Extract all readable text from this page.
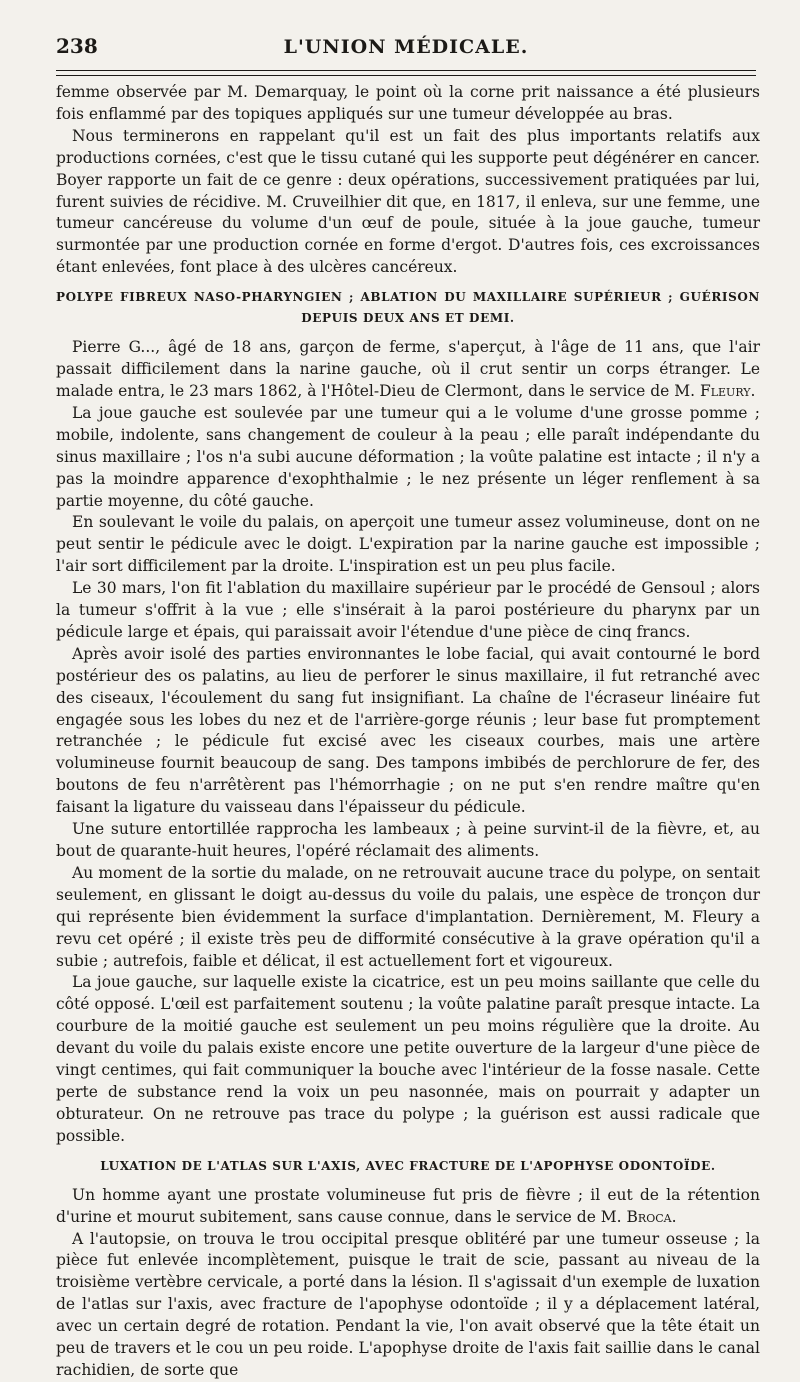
238	L'UNION MÉDICALE.

femme observée par M. Demarquay, le point où la corne prit naissance a été plusieurs fois enflammé par des topiques appliqués sur une tumeur développée au bras.

Nous terminerons en rappelant qu'il est un fait des plus importants relatifs aux productions cornées, c'est que le tissu cutané qui les supporte peut dégénérer en cancer. Boyer rapporte un fait de ce genre : deux opérations, successivement pratiquées par lui, furent suivies de récidive. M. Cruveilhier dit que, en 1817, il enleva, sur une femme, une tumeur cancéreuse du volume d'un œuf de poule, située à la joue gauche, tumeur surmontée par une production cornée en forme d'ergot. D'autres fois, ces excroissances étant enlevées, font place à des ulcères cancéreux.

POLYPE FIBREUX NASO-PHARYNGIEN ; ABLATION DU MAXILLAIRE SUPÉRIEUR ; GUÉRISON DEPUIS DEUX ANS ET DEMI.

Pierre G..., âgé de 18 ans, garçon de ferme, s'aperçut, à l'âge de 11 ans, que l'air passait difficilement dans la narine gauche, où il crut sentir un corps étranger. Le malade entra, le 23 mars 1862, à l'Hôtel-Dieu de Clermont, dans le service de M. Fleury.

La joue gauche est soulevée par une tumeur qui a le volume d'une grosse pomme ; mobile, indolente, sans changement de couleur à la peau ; elle paraît indépendante du sinus maxillaire ; l'os n'a subi aucune déformation ; la voûte palatine est intacte ; il n'y a pas la moindre apparence d'exophthalmie ; le nez présente un léger renflement à sa partie moyenne, du côté gauche.

En soulevant le voile du palais, on aperçoit une tumeur assez volumineuse, dont on ne peut sentir le pédicule avec le doigt. L'expiration par la narine gauche est impossible ; l'air sort difficilement par la droite. L'inspiration est un peu plus facile.

Le 30 mars, l'on fit l'ablation du maxillaire supérieur par le procédé de Gensoul ; alors la tumeur s'offrit à la vue ; elle s'insérait à la paroi postérieure du pharynx par un pédicule large et épais, qui paraissait avoir l'étendue d'une pièce de cinq francs.

Après avoir isolé des parties environnantes le lobe facial, qui avait contourné le bord postérieur des os palatins, au lieu de perforer le sinus maxillaire, il fut retranché avec des ciseaux, l'écoulement du sang fut insignifiant. La chaîne de l'écraseur linéaire fut engagée sous les lobes du nez et de l'arrière-gorge réunis ; leur base fut promptement retranchée ; le pédicule fut excisé avec les ciseaux courbes, mais une artère volumineuse fournit beaucoup de sang. Des tampons imbibés de perchlorure de fer, des boutons de feu n'arrêtèrent pas l'hémorrhagie ; on ne put s'en rendre maître qu'en faisant la ligature du vaisseau dans l'épaisseur du pédicule.

Une suture entortillée rapprocha les lambeaux ; à peine survint-il de la fièvre, et, au bout de quarante-huit heures, l'opéré réclamait des aliments.

Au moment de la sortie du malade, on ne retrouvait aucune trace du polype, on sentait seulement, en glissant le doigt au-dessus du voile du palais, une espèce de tronçon dur qui représente bien évidemment la surface d'implantation. Dernièrement, M. Fleury a revu cet opéré ; il existe très peu de difformité consécutive à la grave opération qu'il a subie ; autrefois, faible et délicat, il est actuellement fort et vigoureux.

La joue gauche, sur laquelle existe la cicatrice, est un peu moins saillante que celle du côté opposé. L'œil est parfaitement soutenu ; la voûte palatine paraît presque intacte. La courbure de la moitié gauche est seulement un peu moins régulière que la droite. Au devant du voile du palais existe encore une petite ouverture de la largeur d'une pièce de vingt centimes, qui fait communiquer la bouche avec l'intérieur de la fosse nasale. Cette perte de substance rend la voix un peu nasonnée, mais on pourrait y adapter un obturateur. On ne retrouve pas trace du polype ; la guérison est aussi radicale que possible.

LUXATION DE L'ATLAS SUR L'AXIS, AVEC FRACTURE DE L'APOPHYSE ODONTOÏDE.

Un homme ayant une prostate volumineuse fut pris de fièvre ; il eut de la rétention d'urine et mourut subitement, sans cause connue, dans le service de M. Broca.

A l'autopsie, on trouva le trou occipital presque oblitéré par une tumeur osseuse ; la pièce fut enlevée incomplètement, puisque le trait de scie, passant au niveau de la troisième vertèbre cervicale, a porté dans la lésion. Il s'agissait d'un exemple de luxation de l'atlas sur l'axis, avec fracture de l'apophyse odontoïde ; il y a déplacement latéral, avec un certain degré de rotation. Pendant la vie, l'on avait observé que la tête était un peu de travers et le cou un peu roide. L'apophyse droite de l'axis fait saillie dans le canal rachidien, de sorte que
